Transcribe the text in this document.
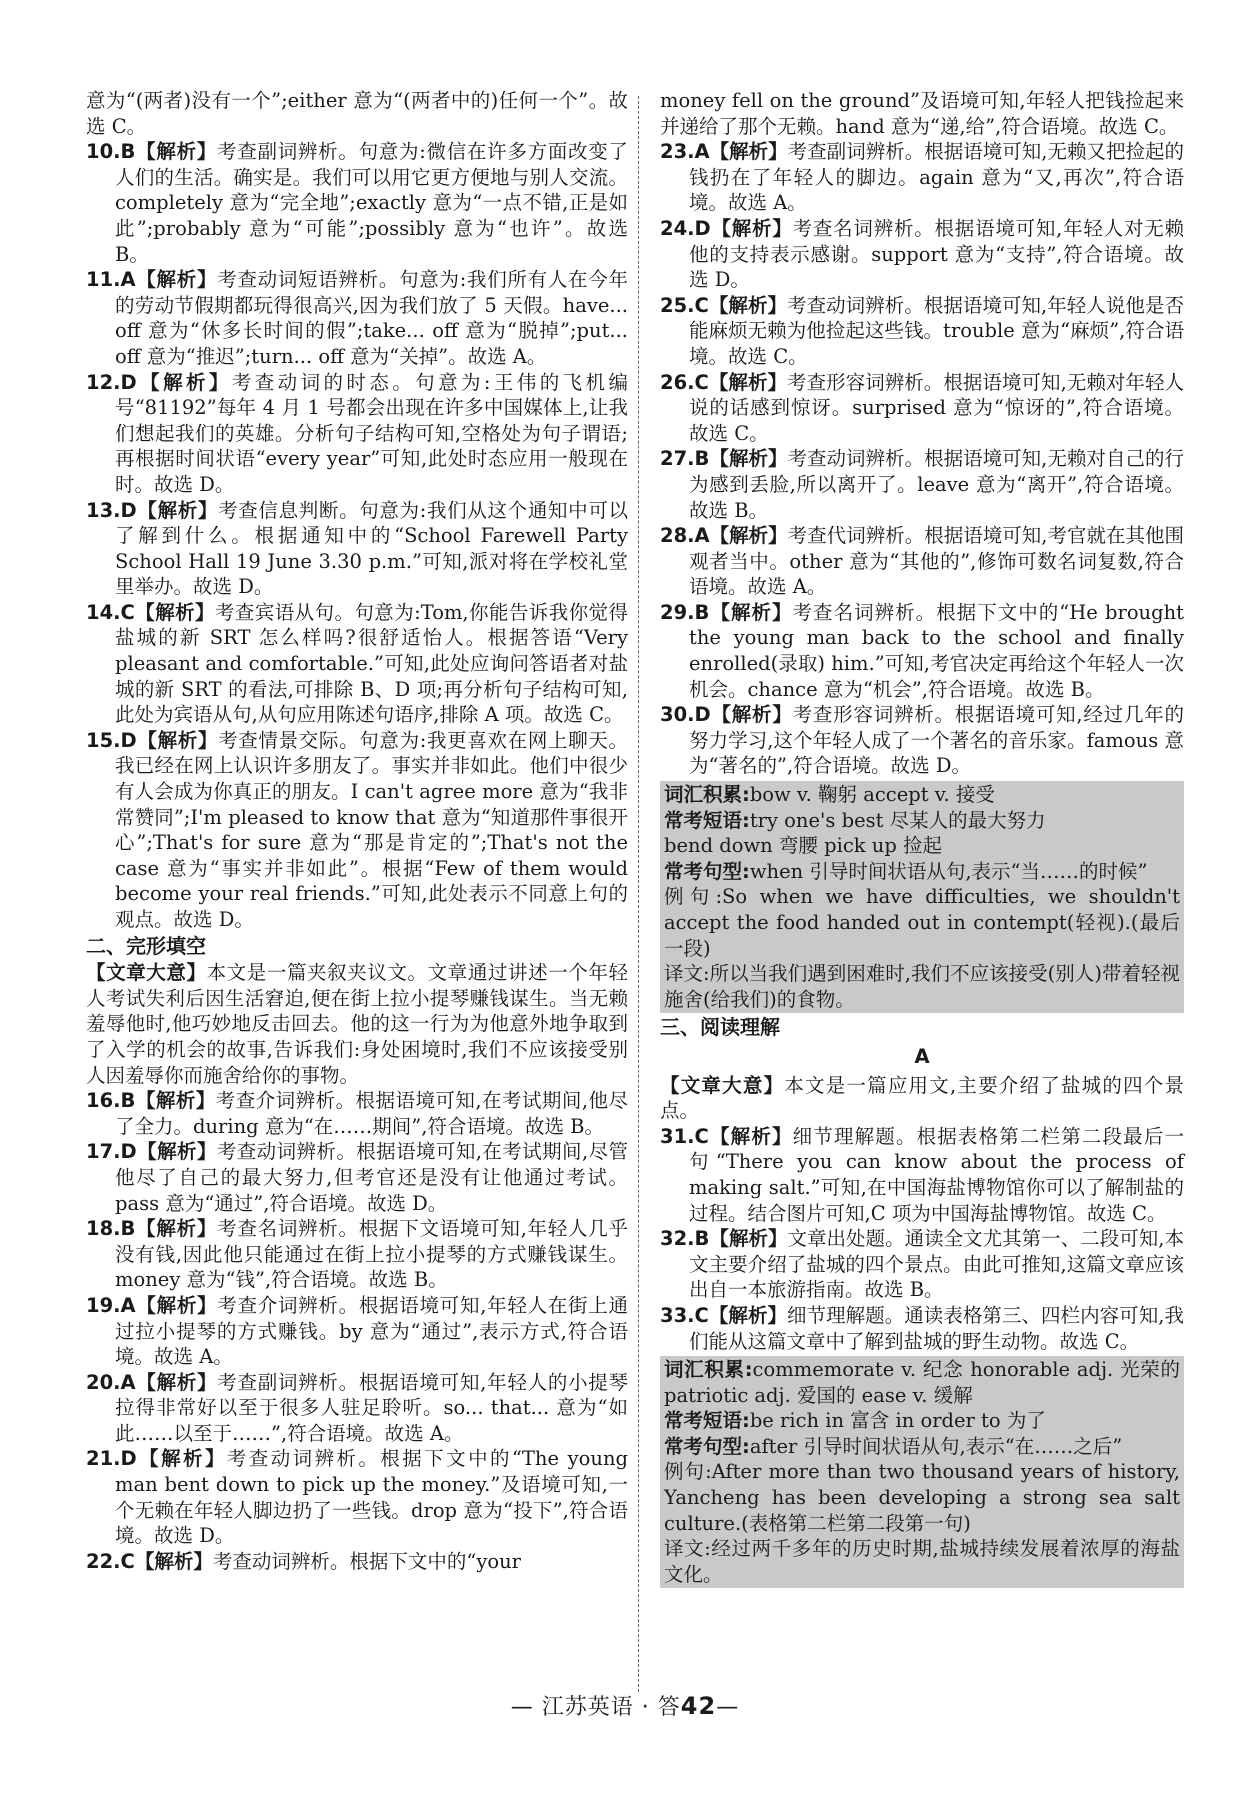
意为“(两者)没有一个”;either 意为“(两者中的)任何一个”。故选 C。

10.B【解析】考查副词辨析。句意为:微信在许多方面改变了人们的生活。确实是。我们可以用它更方便地与别人交流。completely 意为“完全地”;exactly 意为“一点不错,正是如此”;probably 意为“可能”;possibly 意为“也许”。故选 B。

11.A【解析】考查动词短语辨析。句意为:我们所有人在今年的劳动节假期都玩得很高兴,因为我们放了 5 天假。have... off 意为“休多长时间的假”;take... off 意为“脱掉”;put... off 意为“推迟”;turn... off 意为“关掉”。故选 A。

12.D【解析】考查动词的时态。句意为:王伟的飞机编号“81192”每年 4 月 1 号都会出现在许多中国媒体上,让我们想起我们的英雄。分析句子结构可知,空格处为句子谓语;再根据时间状语“every year”可知,此处时态应用一般现在时。故选 D。

13.D【解析】考查信息判断。句意为:我们从这个通知中可以了解到什么。根据通知中的“School Farewell Party School Hall 19 June 3.30 p.m.”可知,派对将在学校礼堂里举办。故选 D。

14.C【解析】考查宾语从句。句意为:Tom,你能告诉我你觉得盐城的新 SRT 怎么样吗?很舒适怡人。根据答语“Very pleasant and comfortable.”可知,此处应询问答语者对盐城的新 SRT 的看法,可排除 B、D 项;再分析句子结构可知,此处为宾语从句,从句应用陈述句语序,排除 A 项。故选 C。

15.D【解析】考查情景交际。句意为:我更喜欢在网上聊天。我已经在网上认识许多朋友了。事实并非如此。他们中很少有人会成为你真正的朋友。I can't agree more 意为“我非常赞同”;I'm pleased to know that 意为“知道那件事很开心”;That's for sure 意为“那是肯定的”;That's not the case 意为“事实并非如此”。根据“Few of them would become your real friends.”可知,此处表示不同意上句的观点。故选 D。

二、完形填空

【文章大意】本文是一篇夹叙夹议文。文章通过讲述一个年轻人考试失利后因生活窘迫,便在街上拉小提琴赚钱谋生。当无赖羞辱他时,他巧妙地反击回去。他的这一行为为他意外地争取到了入学的机会的故事,告诉我们:身处困境时,我们不应该接受别人因羞辱你而施舍给你的事物。

16.B【解析】考查介词辨析。根据语境可知,在考试期间,他尽了全力。during 意为“在……期间”,符合语境。故选 B。

17.D【解析】考查动词辨析。根据语境可知,在考试期间,尽管他尽了自己的最大努力,但考官还是没有让他通过考试。pass 意为“通过”,符合语境。故选 D。

18.B【解析】考查名词辨析。根据下文语境可知,年轻人几乎没有钱,因此他只能通过在街上拉小提琴的方式赚钱谋生。money 意为“钱”,符合语境。故选 B。

19.A【解析】考查介词辨析。根据语境可知,年轻人在街上通过拉小提琴的方式赚钱。by 意为“通过”,表示方式,符合语境。故选 A。

20.A【解析】考查副词辨析。根据语境可知,年轻人的小提琴拉得非常好以至于很多人驻足聆听。so... that... 意为“如此……以至于……”,符合语境。故选 A。

21.D【解析】考查动词辨析。根据下文中的“The young man bent down to pick up the money.”及语境可知,一个无赖在年轻人脚边扔了一些钱。drop 意为“投下”,符合语境。故选 D。

22.C【解析】考查动词辨析。根据下文中的“your

money fell on the ground”及语境可知,年轻人把钱捡起来并递给了那个无赖。hand 意为“递,给”,符合语境。故选 C。

23.A【解析】考查副词辨析。根据语境可知,无赖又把捡起的钱扔在了年轻人的脚边。again 意为“又,再次”,符合语境。故选 A。

24.D【解析】考查名词辨析。根据语境可知,年轻人对无赖他的支持表示感谢。support 意为“支持”,符合语境。故选 D。

25.C【解析】考查动词辨析。根据语境可知,年轻人说他是否能麻烦无赖为他捡起这些钱。trouble 意为“麻烦”,符合语境。故选 C。

26.C【解析】考查形容词辨析。根据语境可知,无赖对年轻人说的话感到惊讶。surprised 意为“惊讶的”,符合语境。故选 C。

27.B【解析】考查动词辨析。根据语境可知,无赖对自己的行为感到丢脸,所以离开了。leave 意为“离开”,符合语境。故选 B。

28.A【解析】考查代词辨析。根据语境可知,考官就在其他围观者当中。other 意为“其他的”,修饰可数名词复数,符合语境。故选 A。

29.B【解析】考查名词辨析。根据下文中的“He brought the young man back to the school and finally enrolled(录取) him.”可知,考官决定再给这个年轻人一次机会。chance 意为“机会”,符合语境。故选 B。

30.D【解析】考查形容词辨析。根据语境可知,经过几年的努力学习,这个年轻人成了一个著名的音乐家。famous 意为“著名的”,符合语境。故选 D。

词汇积累:bow v. 鞠躬 accept v. 接受

常考短语:try one's best 尽某人的最大努力

bend down 弯腰 pick up 捡起

常考句型:when 引导时间状语从句,表示“当……的时候”

例句:So when we have difficulties, we shouldn't accept the food handed out in contempt(轻视).(最后一段)

译文:所以当我们遇到困难时,我们不应该接受(别人)带着轻视施舍(给我们)的食物。

三、阅读理解
A

【文章大意】本文是一篇应用文,主要介绍了盐城的四个景点。

31.C【解析】细节理解题。根据表格第二栏第二段最后一句“There you can know about the process of making salt.”可知,在中国海盐博物馆你可以了解制盐的过程。结合图片可知,C 项为中国海盐博物馆。故选 C。

32.B【解析】文章出处题。通读全文尤其第一、二段可知,本文主要介绍了盐城的四个景点。由此可推知,这篇文章应该出自一本旅游指南。故选 B。

33.C【解析】细节理解题。通读表格第三、四栏内容可知,我们能从这篇文章中了解到盐城的野生动物。故选 C。

词汇积累:commemorate v. 纪念 honorable adj. 光荣的 patriotic adj. 爱国的 ease v. 缓解

常考短语:be rich in 富含 in order to 为了

常考句型:after 引导时间状语从句,表示“在……之后”

例句:After more than two thousand years of history, Yancheng has been developing a strong sea salt culture.(表格第二栏第二段第一句)

译文:经过两千多年的历史时期,盐城持续发展着浓厚的海盐文化。

— 江苏英语 · 答42—
